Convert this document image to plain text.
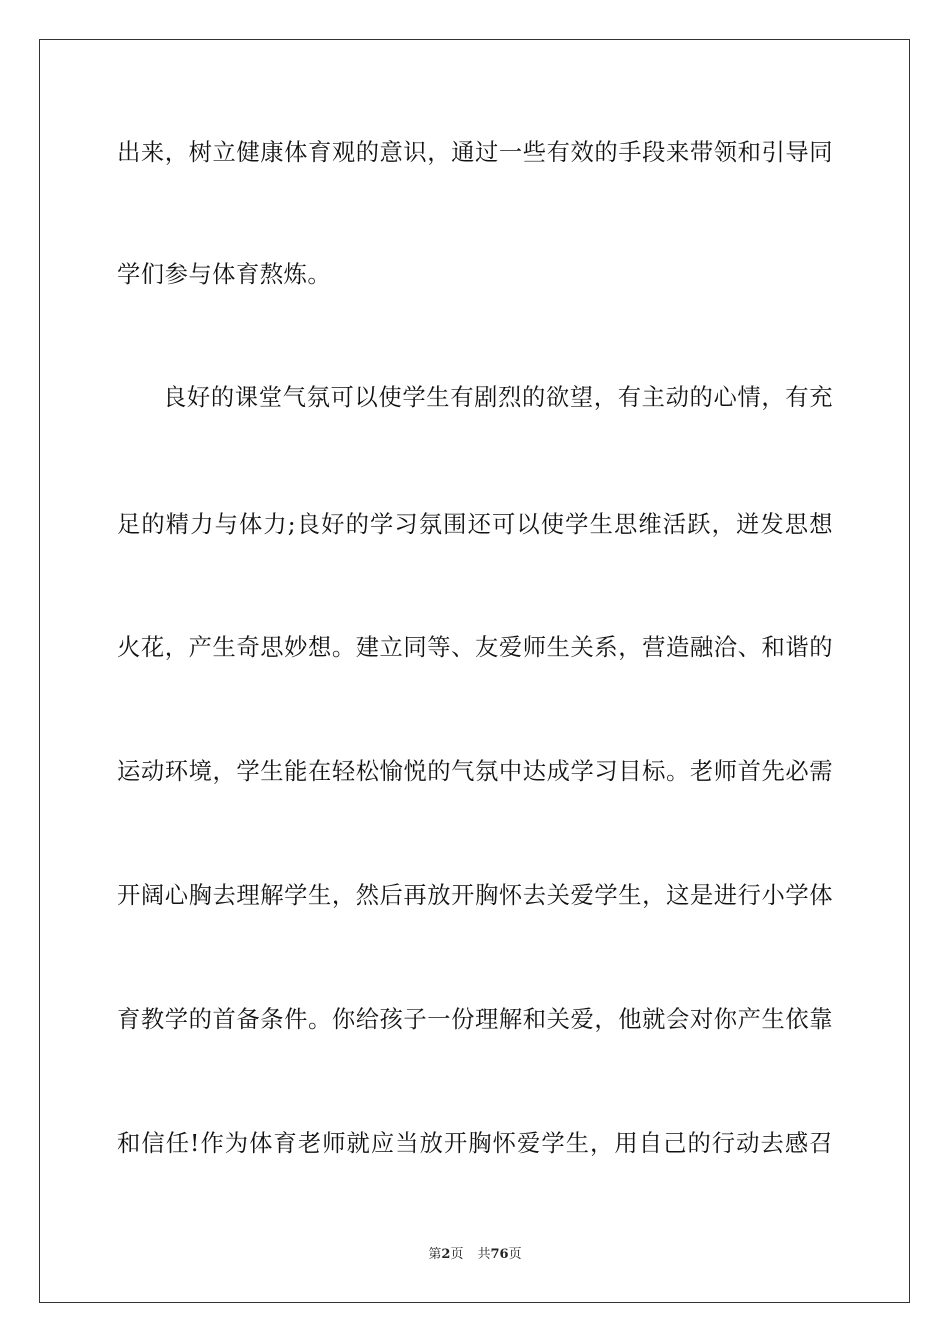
出来，树立健康体育观的意识，通过一些有效的手段来带领和引导同
学们参与体育熬炼。
良好的课堂气氛可以使学生有剧烈的欲望，有主动的心情，有充
足的精力与体力;良好的学习氛围还可以使学生思维活跃，迸发思想
火花，产生奇思妙想。建立同等、友爱师生关系，营造融洽、和谐的
运动环境，学生能在轻松愉悦的气氛中达成学习目标。老师首先必需
开阔心胸去理解学生，然后再放开胸怀去关爱学生，这是进行小学体
育教学的首备条件。你给孩子一份理解和关爱，他就会对你产生依靠
和信任!作为体育老师就应当放开胸怀爱学生，用自己的行动去感召
第2页 共76页
